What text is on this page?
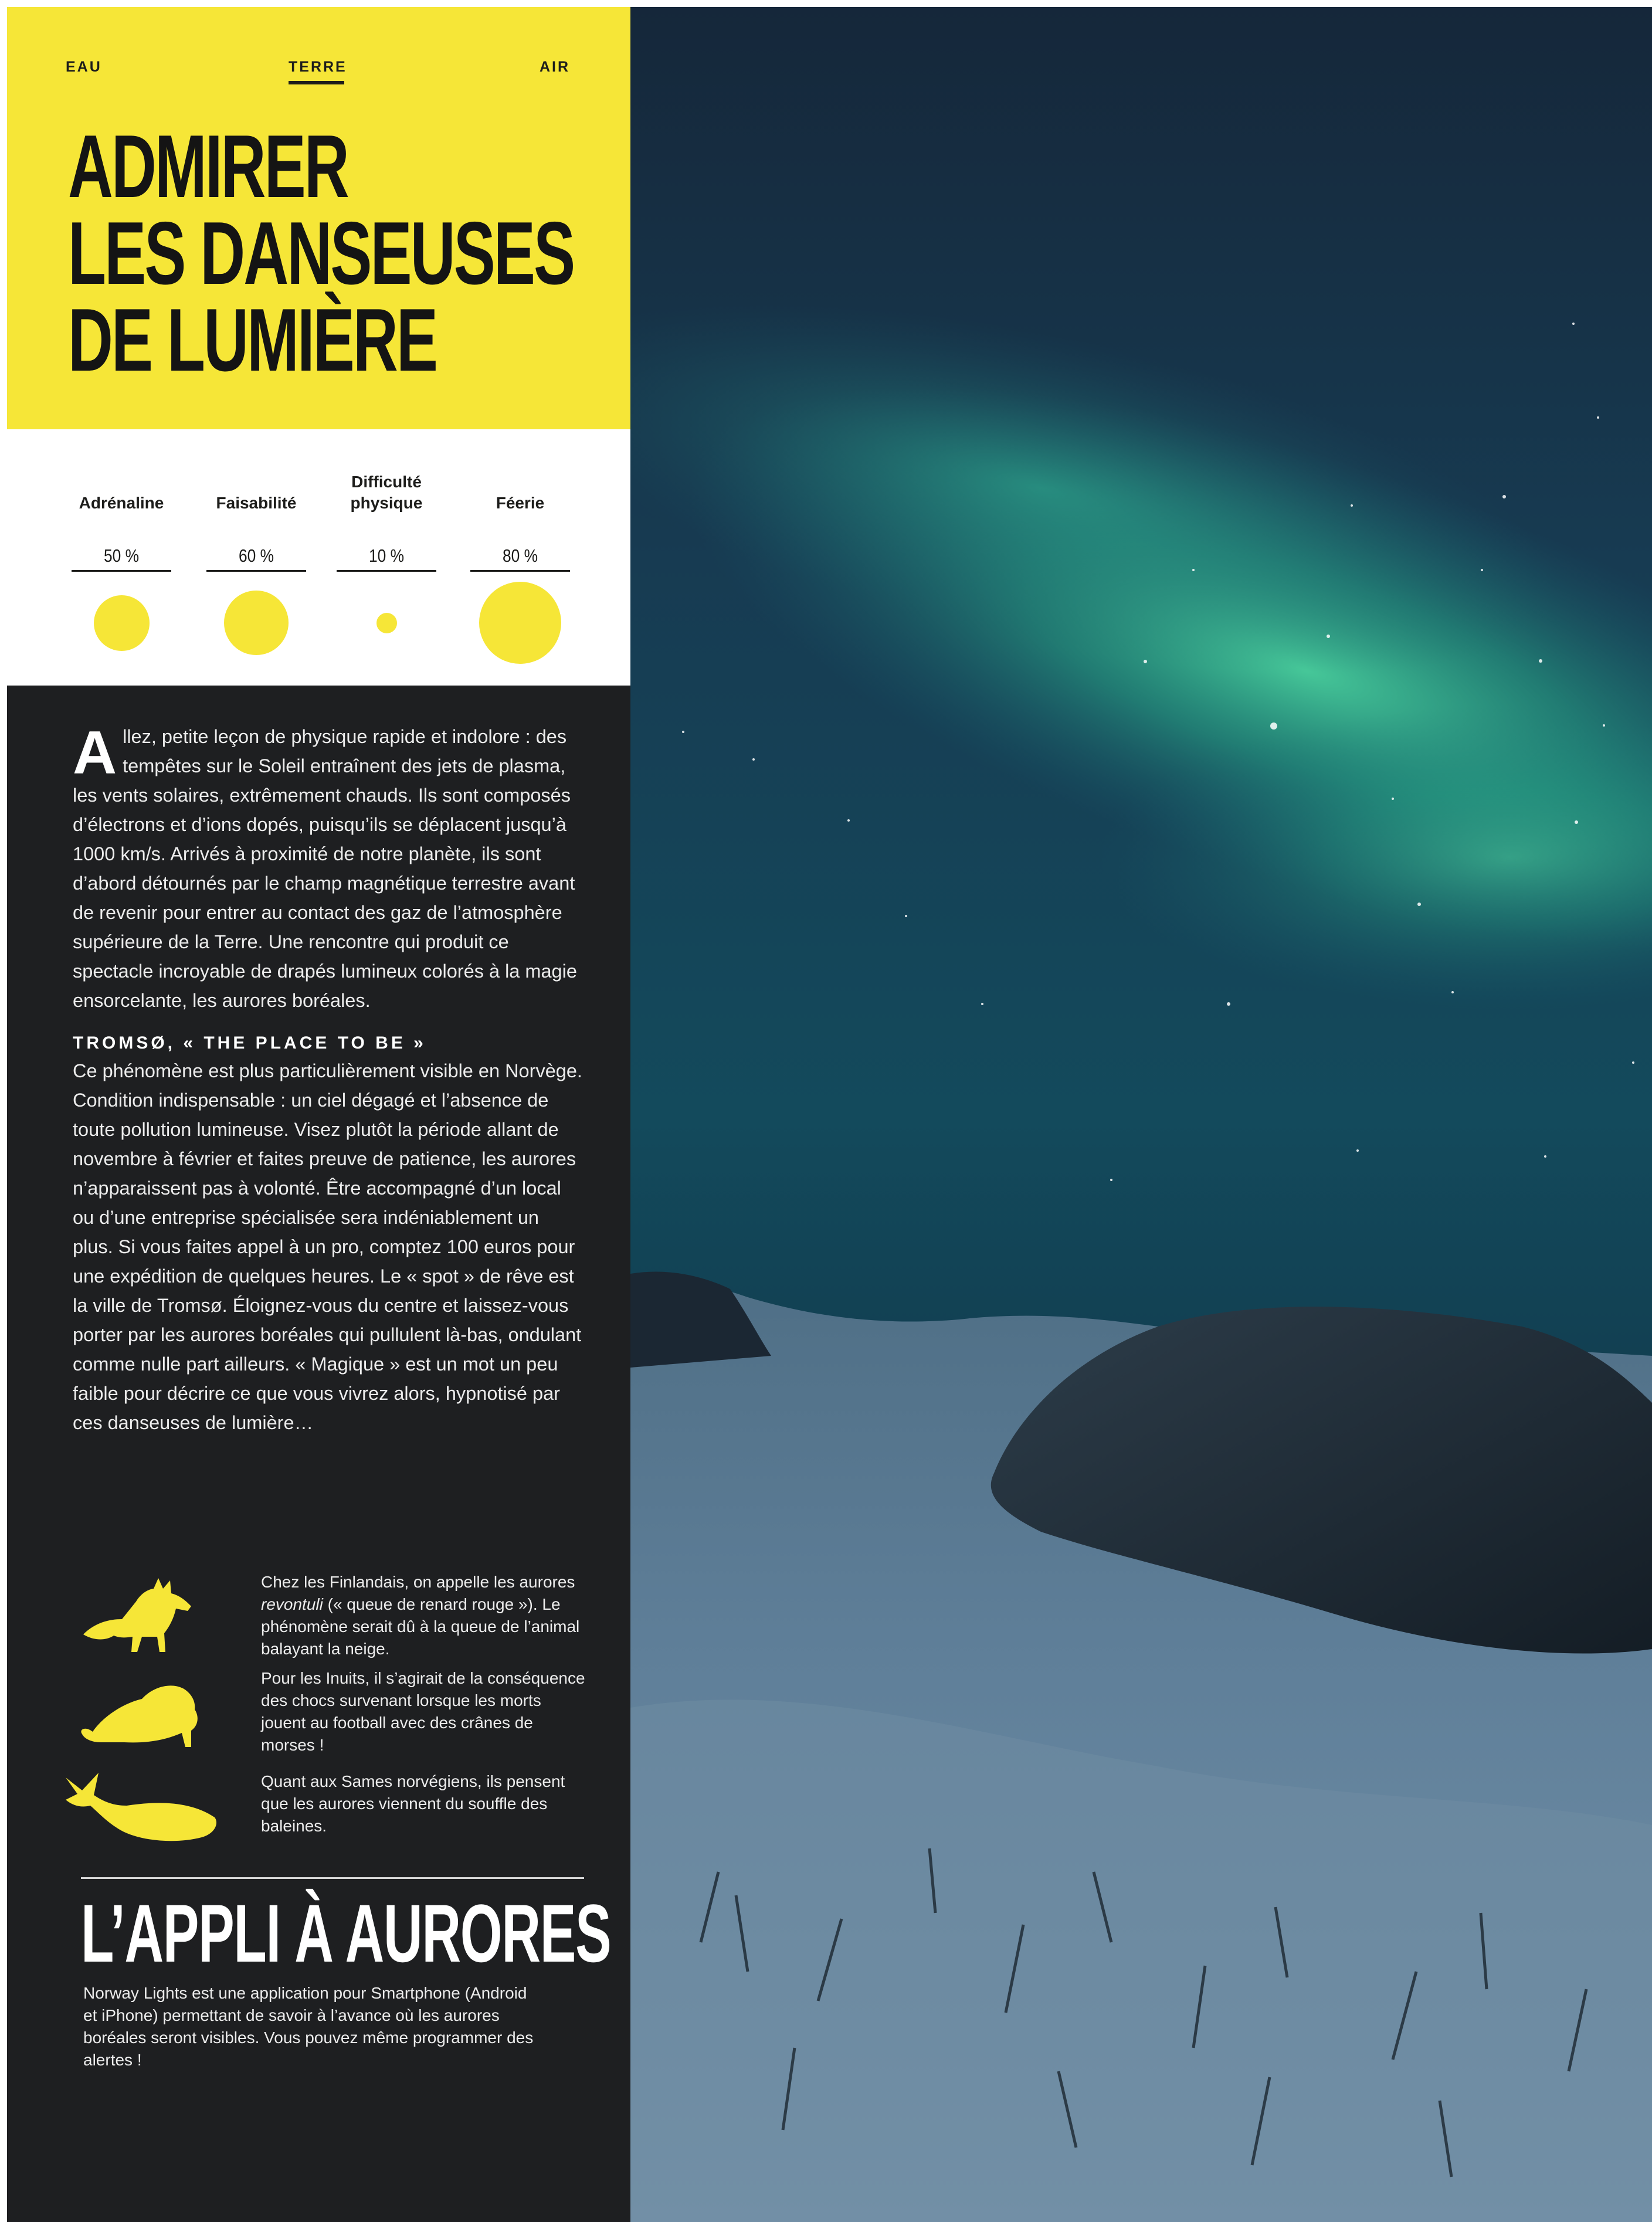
EAU	TERRE	AIR
ADMIRER
LES DANSEUSES
DE LUMIÈRE
Adrénaline
50 %
Faisabilité
60 %
Difficulté
physique
10 %
Féerie
80 %

Allez, petite leçon de physique rapide et indolore : des tempêtes sur le Soleil entraînent des jets de plasma, les vents solaires, extrêmement chauds. Ils sont composés d’électrons et d’ions dopés, puisqu’ils se déplacent jusqu’à 1000 km/s. Arrivés à proximité de notre planète, ils sont d’abord détournés par le champ magnétique terrestre avant de revenir pour entrer au contact des gaz de l’atmosphère supérieure de la Terre. Une rencontre qui produit ce spectacle incroyable de drapés lumineux colorés à la magie ensorcelante, les aurores boréales.

TROMSØ, « THE PLACE TO BE »

Ce phénomène est plus particulièrement visible en Norvège. Condition indispensable : un ciel dégagé et l’absence de toute pollution lumineuse. Visez plutôt la période allant de novembre à février et faites preuve de patience, les aurores n’apparaissent pas à volonté. Être accompagné d’un local ou d’une entreprise spécialisée sera indéniablement un plus. Si vous faites appel à un pro, comptez 100 euros pour une expédition de quelques heures. Le « spot » de rêve est la ville de Tromsø. Éloignez-vous du centre et laissez-vous porter par les aurores boréales qui pullulent là-bas, ondulant comme nulle part ailleurs. « Magique » est un mot un peu faible pour décrire ce que vous vivrez alors, hypnotisé par ces danseuses de lumière…

Chez les Finlandais, on appelle les aurores revontuli (« queue de renard rouge »). Le phénomène serait dû à la queue de l’animal balayant la neige.
Pour les Inuits, il s’agirait de la conséquence des chocs survenant lorsque les morts jouent au football avec des crânes de morses !
Quant aux Sames norvégiens, ils pensent que les aurores viennent du souffle des baleines.
L’APPLI À AURORES
Norway Lights est une application pour Smartphone (Android et iPhone) permettant de savoir à l’avance où les aurores boréales seront visibles. Vous pouvez même programmer des alertes !
